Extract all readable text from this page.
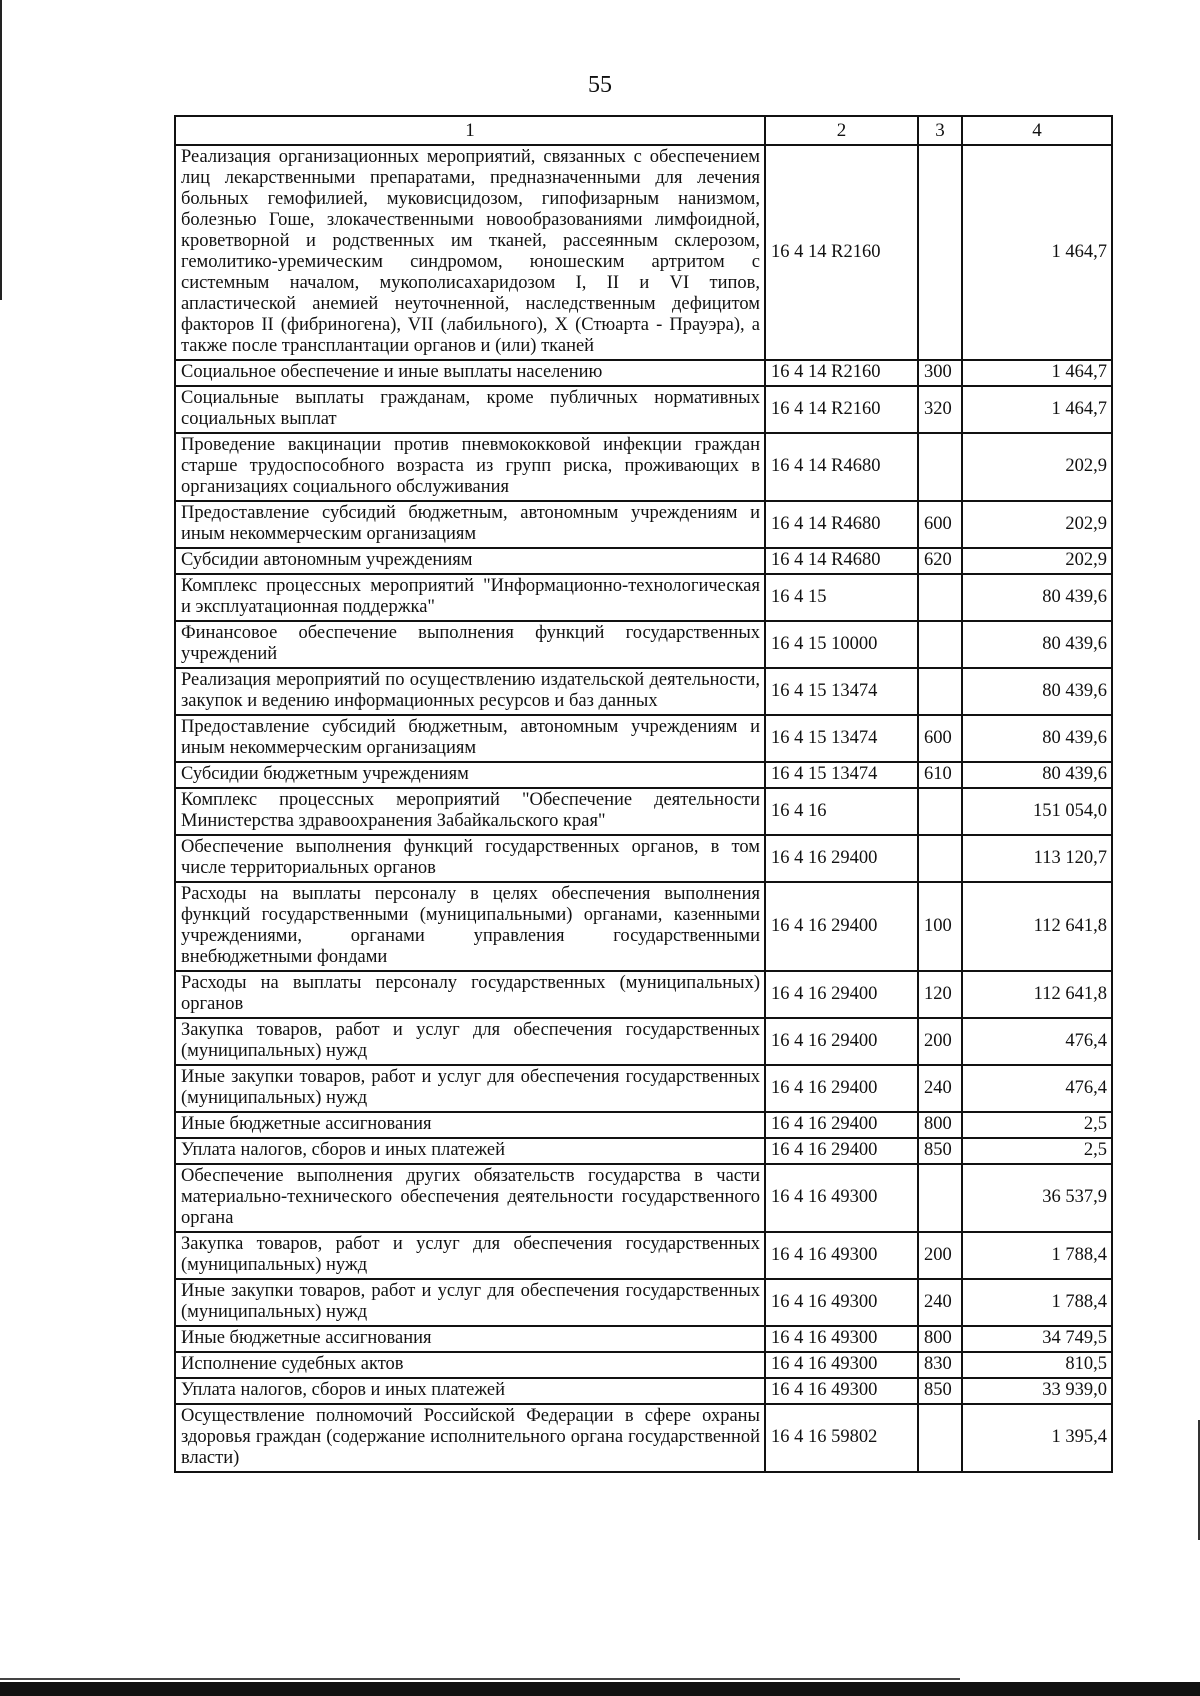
55
1	2	3	4
Реализация организационных мероприятий, связанных с обеспечением лиц лекарственными препаратами, предназначенными для лечения больных гемофилией, муковисцидозом, гипофизарным нанизмом, болезнью Гоше, злокачественными новообразованиями лимфоидной, кроветворной и родственных им тканей, рассеянным склерозом, гемолитико-уремическим синдромом, юношеским артритом с системным началом, мукополисахаридозом I, II и VI типов, апластической анемией неуточненной, наследственным дефицитом факторов II (фибриногена), VII (лабильного), X (Стюарта - Прауэра), а также после трансплантации органов и (или) тканей	16 4 14 R2160		1 464,7
Социальное обеспечение и иные выплаты населению	16 4 14 R2160	300	1 464,7
Социальные выплаты гражданам, кроме публичных нормативных социальных выплат	16 4 14 R2160	320	1 464,7
Проведение вакцинации против пневмококковой инфекции граждан старше трудоспособного возраста из групп риска, проживающих в организациях социального обслуживания	16 4 14 R4680		202,9
Предоставление субсидий бюджетным, автономным учреждениям и иным некоммерческим организациям	16 4 14 R4680	600	202,9
Субсидии автономным учреждениям	16 4 14 R4680	620	202,9
Комплекс процессных мероприятий "Информационно-технологическая и эксплуатационная поддержка"	16 4 15		80 439,6
Финансовое обеспечение выполнения функций государственных учреждений	16 4 15 10000		80 439,6
Реализация мероприятий по осуществлению издательской деятельности, закупок и ведению информационных ресурсов и баз данных	16 4 15 13474		80 439,6
Предоставление субсидий бюджетным, автономным учреждениям и иным некоммерческим организациям	16 4 15 13474	600	80 439,6
Субсидии бюджетным учреждениям	16 4 15 13474	610	80 439,6
Комплекс процессных мероприятий "Обеспечение деятельности Министерства здравоохранения Забайкальского края"	16 4 16		151 054,0
Обеспечение выполнения функций государственных органов, в том числе территориальных органов	16 4 16 29400		113 120,7
Расходы на выплаты персоналу в целях обеспечения выполнения функций государственными (муниципальными) органами, казенными учреждениями, органами управления государственными внебюджетными фондами	16 4 16 29400	100	112 641,8
Расходы на выплаты персоналу государственных (муниципальных) органов	16 4 16 29400	120	112 641,8
Закупка товаров, работ и услуг для обеспечения государственных (муниципальных) нужд	16 4 16 29400	200	476,4
Иные закупки товаров, работ и услуг для обеспечения государственных (муниципальных) нужд	16 4 16 29400	240	476,4
Иные бюджетные ассигнования	16 4 16 29400	800	2,5
Уплата налогов, сборов и иных платежей	16 4 16 29400	850	2,5
Обеспечение выполнения других обязательств государства в части материально-технического обеспечения деятельности государственного органа	16 4 16 49300		36 537,9
Закупка товаров, работ и услуг для обеспечения государственных (муниципальных) нужд	16 4 16 49300	200	1 788,4
Иные закупки товаров, работ и услуг для обеспечения государственных (муниципальных) нужд	16 4 16 49300	240	1 788,4
Иные бюджетные ассигнования	16 4 16 49300	800	34 749,5
Исполнение судебных актов	16 4 16 49300	830	810,5
Уплата налогов, сборов и иных платежей	16 4 16 49300	850	33 939,0
Осуществление полномочий Российской Федерации в сфере охраны здоровья граждан (содержание исполнительного органа государственной власти)	16 4 16 59802		1 395,4
